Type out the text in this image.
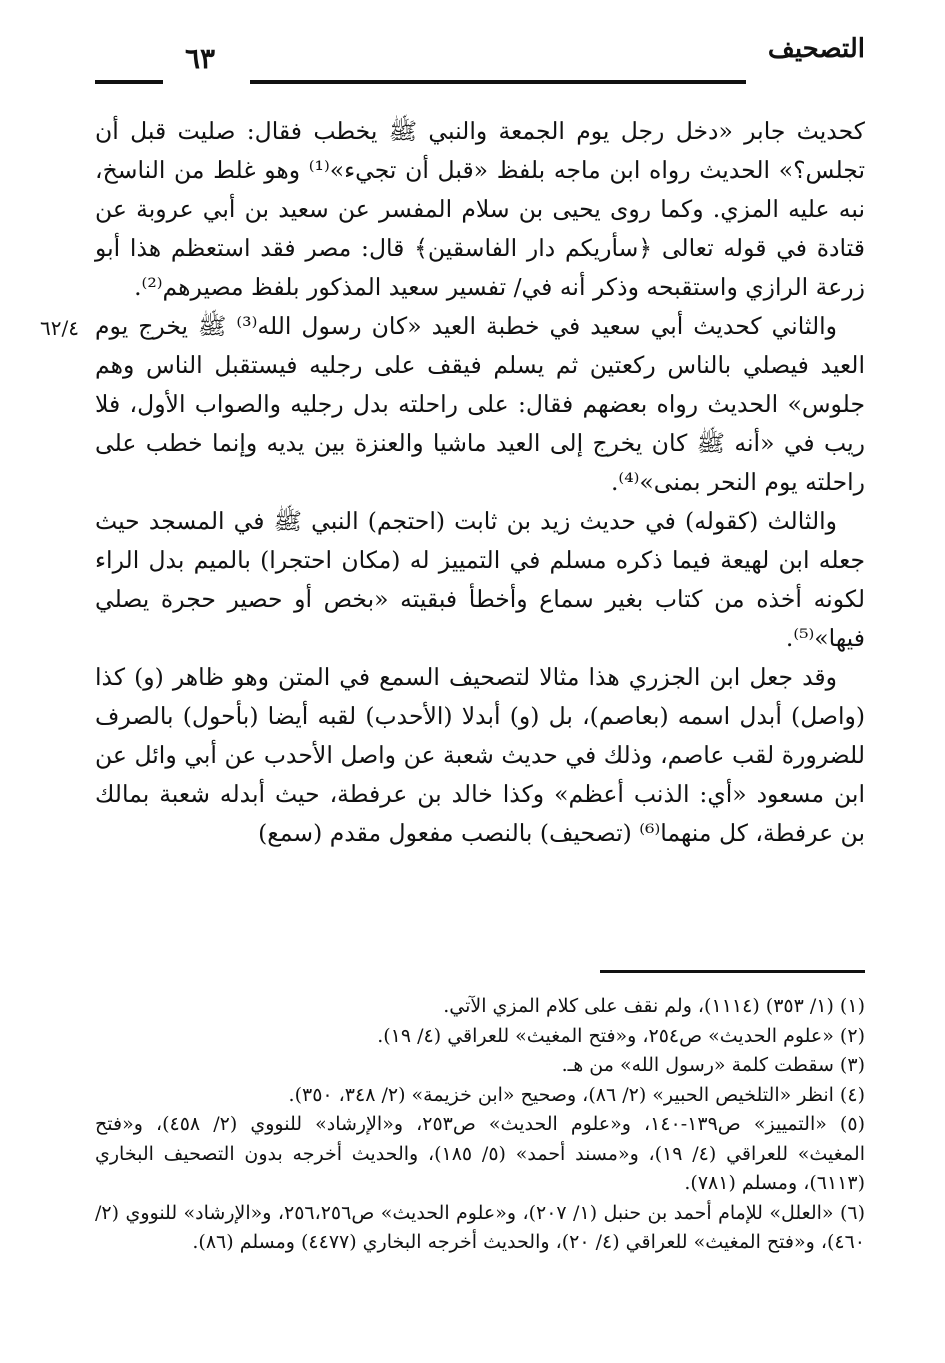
التصحيف
٦٣
٦٢/٤

كحديث جابر «دخل رجل يوم الجمعة والنبي ﷺ يخطب فقال: صليت قبل أن تجلس؟» الحديث رواه ابن ماجه بلفظ «قبل أن تجيء»⁽¹⁾ وهو غلط من الناسخ، نبه عليه المزي. وكما روى يحيى بن سلام المفسر عن سعيد بن أبي عروبة عن قتادة في قوله تعالى ﴿سأريكم دار الفاسقين﴾ قال: مصر فقد استعظم هذا أبو زرعة الرازي واستقبحه وذكر أنه في/ تفسير سعيد المذكور بلفظ مصيرهم⁽²⁾.

والثاني كحديث أبي سعيد في خطبة العيد «كان رسول الله⁽³⁾ ﷺ يخرج يوم العيد فيصلي بالناس ركعتين ثم يسلم فيقف على رجليه فيستقبل الناس وهم جلوس» الحديث رواه بعضهم فقال: على راحلته بدل رجليه والصواب الأول، فلا ريب في «أنه ﷺ كان يخرج إلى العيد ماشيا والعنزة بين يديه وإنما خطب على راحلته يوم النحر بمنى»⁽⁴⁾.

والثالث (كقوله) في حديث زيد بن ثابت (احتجم) النبي ﷺ في المسجد حيث جعله ابن لهيعة فيما ذكره مسلم في التمييز له (مكان احتجرا) بالميم بدل الراء لكونه أخذه من كتاب بغير سماع وأخطأ فبقيته «بخص أو حصير حجرة يصلي فيها»⁽⁵⁾.

وقد جعل ابن الجزري هذا مثالا لتصحيف السمع في المتن وهو ظاهر (و) كذا (واصل) أبدل اسمه (بعاصم)، بل (و) أبدلا (الأحدب) لقبه أيضا (بأحول) بالصرف للضرورة لقب عاصم، وذلك في حديث شعبة عن واصل الأحدب عن أبي وائل عن ابن مسعود «أي: الذنب أعظم» وكذا خالد بن عرفطة، حيث أبدله شعبة بمالك بن عرفطة، كل منهما⁽⁶⁾ (تصحيف) بالنصب مفعول مقدم (سمع)

(١) (١/ ٣٥٣) (١١١٤)، ولم نقف على كلام المزي الآتي.

(٢) «علوم الحديث» ص٢٥٤، و«فتح المغيث» للعراقي (٤/ ١٩).

(٣) سقطت كلمة «رسول الله» من هـ.

(٤) انظر «التلخيص الحبير» (٢/ ٨٦)، وصحيح «ابن خزيمة» (٢/ ٣٤٨، ٣٥٠).

(٥) «التمييز» ص١٣٩-١٤٠، و«علوم الحديث» ص٢٥٣، و«الإرشاد» للنووي (٢/ ٤٥٨)، و«فتح المغيث» للعراقي (٤/ ١٩)، و«مسند أحمد» (٥/ ١٨٥)، والحديث أخرجه بدون التصحيف البخاري (٦١١٣)، ومسلم (٧٨١).

(٦) «العلل» للإمام أحمد بن حنبل (١/ ٢٠٧)، و«علوم الحديث» ص٢٥٦،٢٥٦، و«الإرشاد» للنووي (٢/ ٤٦٠)، و«فتح المغيث» للعراقي (٤/ ٢٠)، والحديث أخرجه البخاري (٤٤٧٧) ومسلم (٨٦).
